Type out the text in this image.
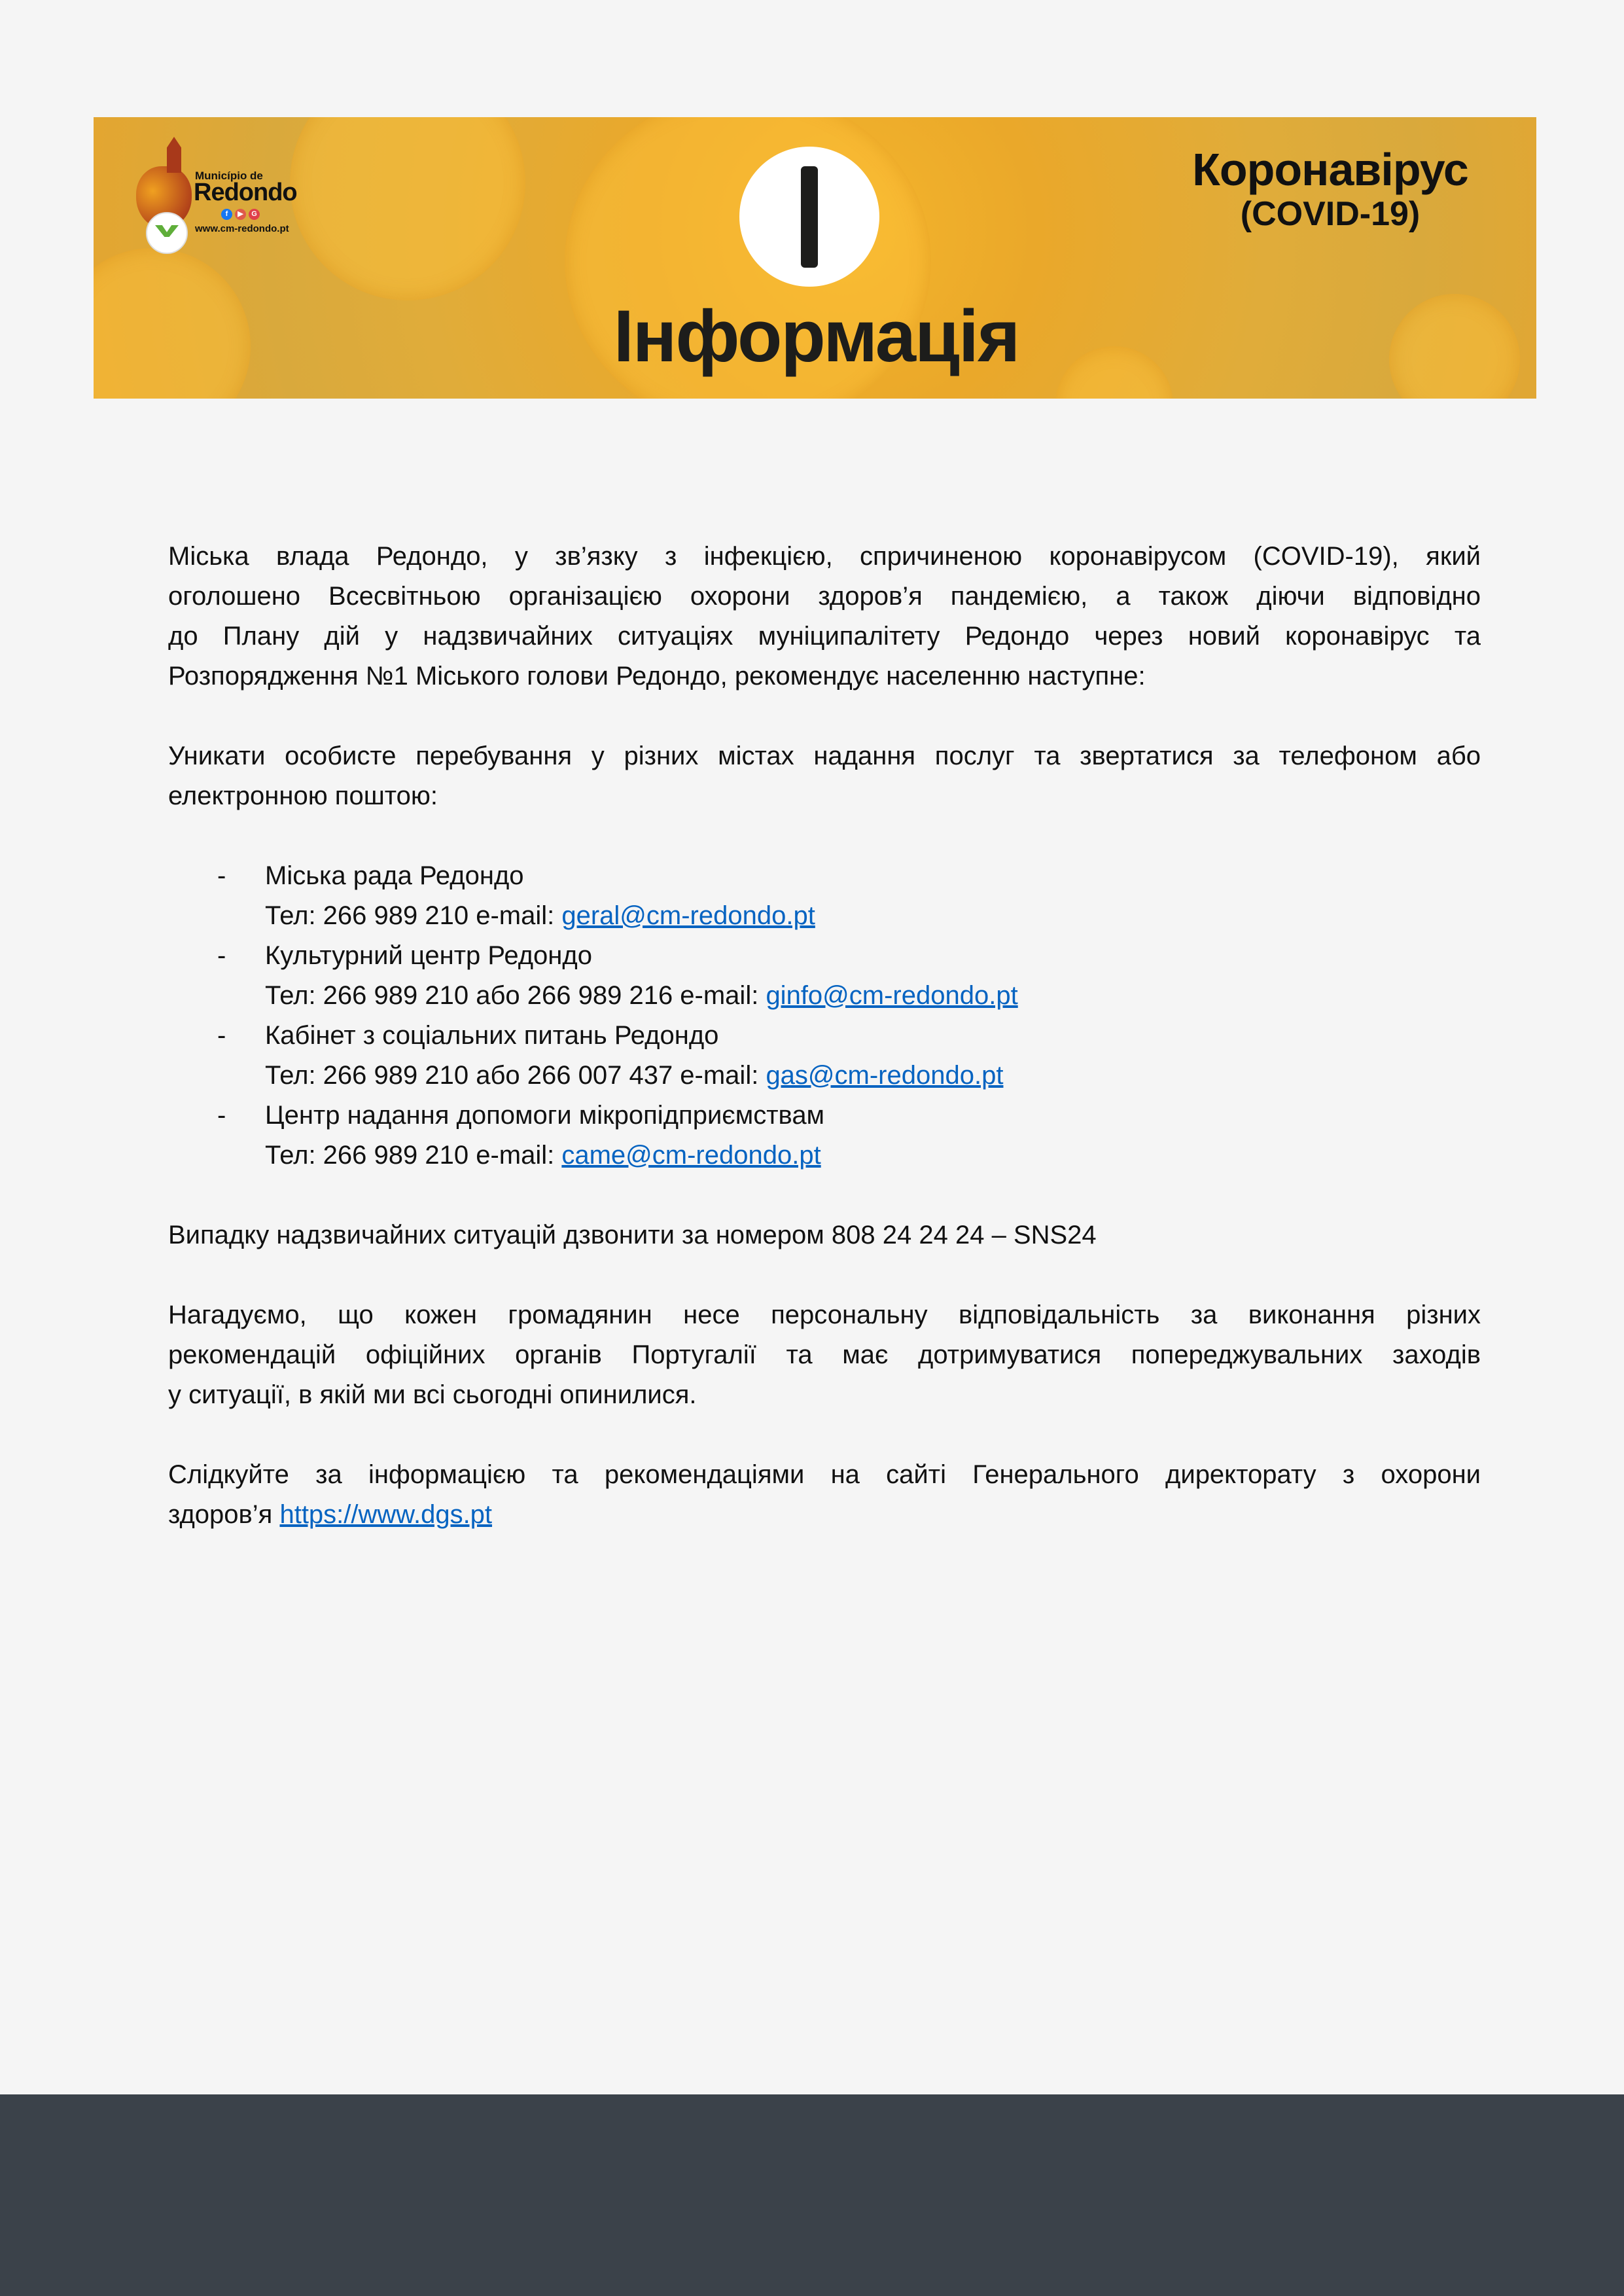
Município de
Redondo
f	▶	G
www.cm-redondo.pt
Інформація
Коронавірус
(COVID-19)
Міська влада Редондо, у зв’язку з інфекцією, спричиненою коронавірусом (COVID-19), який
оголошено Всесвітньою організацією охорони здоров’я пандемією, а також діючи відповідно
до Плану дій у надзвичайних ситуаціях муніципалітету Редондо через новий коронавірус та
Розпорядження №1 Міського голови Редондо, рекомендує населенню наступне:
Уникати особисте перебування у різних містах надання послуг та звертатися за телефоном або
електронною поштою:
- Міська рада Редондо
Тел: 266 989 210 e-mail: geral@cm-redondo.pt
- Культурний центр Редондо
Тел: 266 989 210 або 266 989 216 e-mail: ginfo@cm-redondo.pt
- Кабінет з соціальних питань Редондо
Тел: 266 989 210 або 266 007 437 e-mail: gas@cm-redondo.pt
- Центр надання допомоги мікропідприємствам
Тел: 266 989 210 e-mail: came@cm-redondo.pt
Випадку надзвичайних ситуацій дзвонити за номером 808 24 24 24 – SNS24
Нагадуємо, що кожен громадянин несе персональну відповідальність за виконання різних
рекомендацій офіційних органів Португалії та має дотримуватися попереджувальних заходів
у ситуації, в якій ми всі сьогодні опинилися.
Слідкуйте за інформацією та рекомендаціями на сайті Генерального директорату з охорони
здоров’я https://www.dgs.pt
